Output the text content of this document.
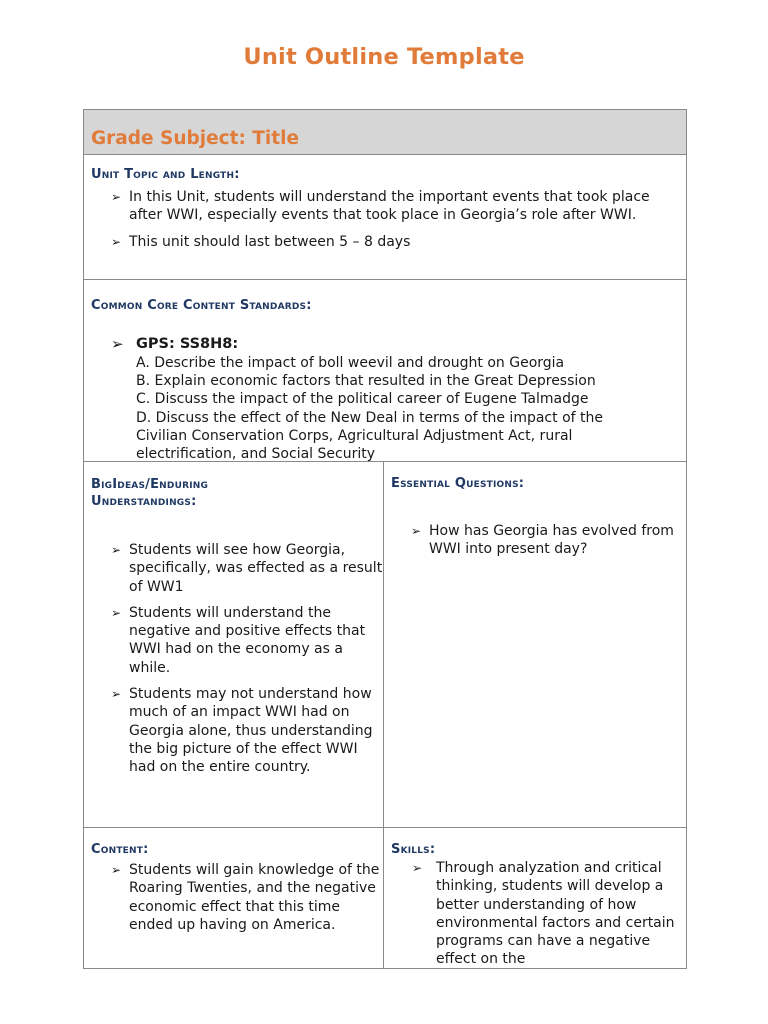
Unit Outline Template
Grade Subject: Title
Unit Topic and Length:
➢ In this Unit, students will understand the important events that took place after WWI, especially events that took place in Georgia’s role after WWI.
➢ This unit should last between 5 – 8 days
Common Core Content Standards:
➢ GPS: SS8H8:
A. Describe the impact of boll weevil and drought on Georgia
B. Explain economic factors that resulted in the Great Depression
C. Discuss the impact of the political career of Eugene Talmadge
D. Discuss the effect of the New Deal in terms of the impact of the
Civilian Conservation Corps, Agricultural Adjustment Act, rural
electrification, and Social Security
BigIdeas/Enduring
Understandings:
➢ Students will see how Georgia, specifically, was effected as a result of WW1
➢ Students will understand the negative and positive effects that WWI had on the economy as a while.
➢ Students may not understand how much of an impact WWI had on Georgia alone, thus understanding the big picture of the effect WWI had on the entire country.
Essential Questions:
➢ How has Georgia has evolved from WWI into present day?
Content:
➢ Students will gain knowledge of the Roaring Twenties, and the negative economic effect that this time ended up having on America.
Skills:
➢ Through analyzation and critical thinking, students will develop a better understanding of how environmental factors and certain programs can have a negative effect on the
